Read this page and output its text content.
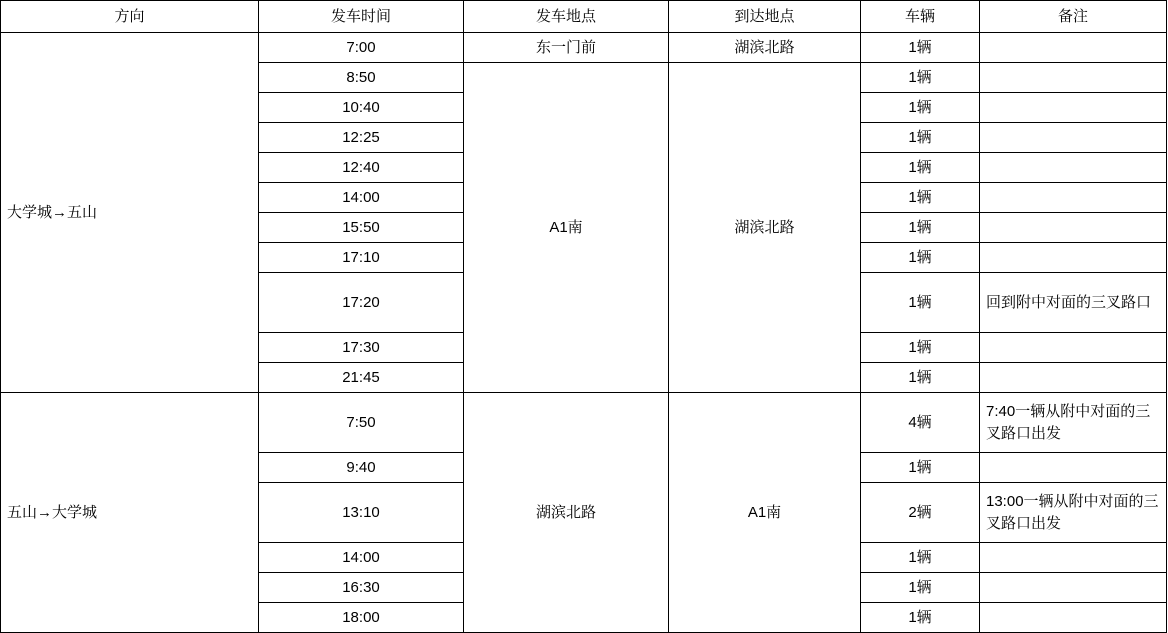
方向	发车时间	发车地点	到达地点	车辆	备注
大学城→五山	7:00	东一门前	湖滨北路	1辆	
	8:50	A1南	湖滨北路	1辆	
	10:40			1辆	
	12:25			1辆	
	12:40			1辆	
	14:00			1辆	
	15:50			1辆	
	17:10			1辆	
	17:20			1辆	回到附中对面的三叉路口
	17:30			1辆	
	21:45			1辆	
五山→大学城	7:50	湖滨北路	A1南	4辆	7:40一辆从附中对面的三叉路口出发
	9:40			1辆	
	13:10			2辆	13:00一辆从附中对面的三叉路口出发
	14:00			1辆	
	16:30			1辆	
	18:00			1辆	
